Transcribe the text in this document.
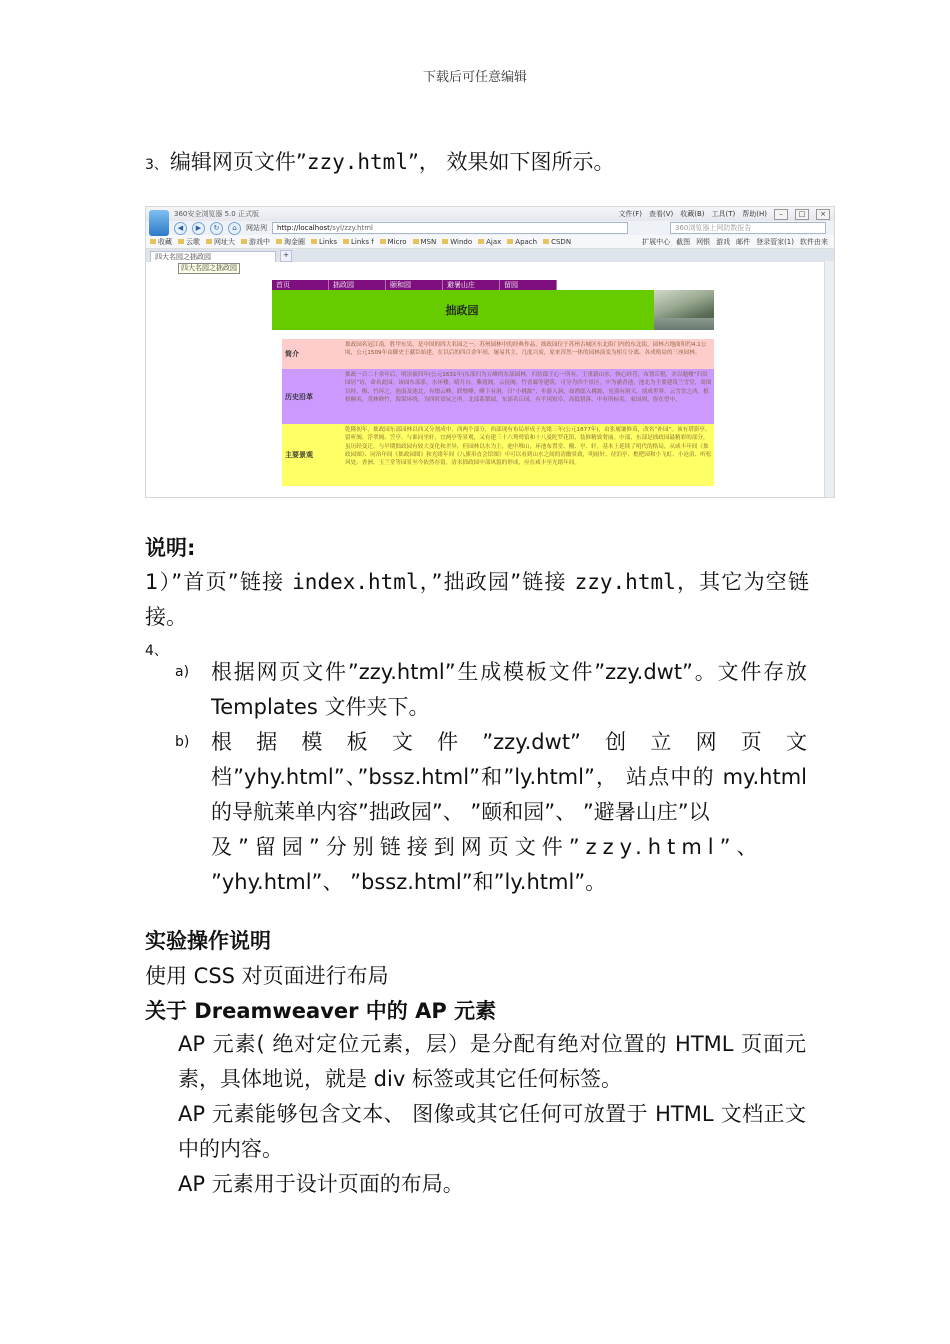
下载后可任意编辑
3、编辑网页文件”zzy.html”， 效果如下图所示。
360安全浏览器 5.0 正式版	文件(F) 查看(V) 收藏(B) 工具(T) 帮助(H)	–	□	×
◀	▶	↻	⌂	网站列	http://localhost/syl/zzy.html	360浏览器上网防数报告
收藏	云歌	网址大	游戏中	淘金圈	Links	Links f	Micro	MSN	Windo	Ajax	Apach	CSDN	扩展中心 截图 网银 游戏 邮件 登录管家(1) 软件由来
四大名园之拙政园	+
四大名园之拙政园
首页	拙政园	颐和园	避暑山庄	留园
拙政园
简介
拙政园名冠江南，胜甲东吴，是中国的四大名园之一。苏州园林中的经典作品，拙政园位于苏州古城区东北街门内的东北街，园林占地面积约4.1公顷，公元1509年由御史王献臣始建，在以后的四百余年间，屡易其主，几度兴废，原来浑然一体的园林演变为相互分离、各成格局的三座园林。
历史沿革
拙政一百二十余年后，明崇祯四年(公元1631年)东部归为五峰的东部园林，归侍郎王心一所有，王重新山水，恢心经营，布置丘壑，并以题楼“归田园居”诗，命名此园。该园东部系，水环楼，晴月台，紫霞阁，云抚阁，竹香廊等建筑，可分为四个景区，中为涵青池，池北为主要建筑兰雪堂，周围以桂、梅、竹环之，池南及池北，有缀云峰，联璧峰，峰下有洞，曰“小桃源”，步游人洞，如渔郎入桃源，见别有洞天，别成世界。云雪堂之西，植梧桐名，茂林修竹，海棠环绕，为四时赏玩之所。北部系梨园，东部名丘园，有平冈短阜，高低错落，中有所标名，家园则，皆在望中。
主要景观
乾隆初年，拙政园东部园林以西又分割成中、西两个部分，西部现有布局形成于光绪三年(公元1877年)，由张履谦修葺，改名“补园”。该有塔影亭、留听阁、浮翠阁、笠亭、与谁同坐轩、宜两亭等景观，又有建三十六鸳鸯馆和十八曼陀罗花馆，装修精致奢丽。中部，东部是拙政园最精彩的部分，虽历经变迁，与早期拙政园有较大变化和差异，但园林以水为主，池中堆山，环池布置堂、榭、亭、轩，基本上延续了明代的格局，从咸丰年间《拙政园图》、同治年间《拙政园图》和光绪年间《八旗奉直会馆图》中可以看到山水之间的清幽景致，明雨轩、待泊亭、枇杷园和小飞虹、小沧浪、听松风处、香洲、玉兰堂等园景至今依然存留，清末拙政园中部风貌的形成，应在咸丰至光绪年间。
说明:
1）”首页”链接 index.html，”拙政园”链接 zzy.html，其它为空链接。
4、
a) 根据网页文件”zzy.html”生成模板文件”zzy.dwt”。文件存放 Templates 文件夹下。
b) 根据模板文件”zzy.dwt”创立网页文档”yhy.html”、”bssz.html”和”ly.html”， 站点中的 my.html 的导航莱单内容”拙政园”、 ”颐和园”、 ”避暑山庄”以
及”留园”分别链接到网页文件”zzy.html”、
”yhy.html”、 ”bssz.html”和”ly.html”。
实验操作说明
使用 CSS 对页面进行布局
关于 Dreamweaver 中的 AP 元素
AP 元素( 绝对定位元素，层）是分配有绝对位置的 HTML 页面元素，具体地说，就是 div 标签或其它任何标签。
AP 元素能够包含文本、 图像或其它任何可放置于 HTML 文档正文中的内容。
AP 元素用于设计页面的布局。
